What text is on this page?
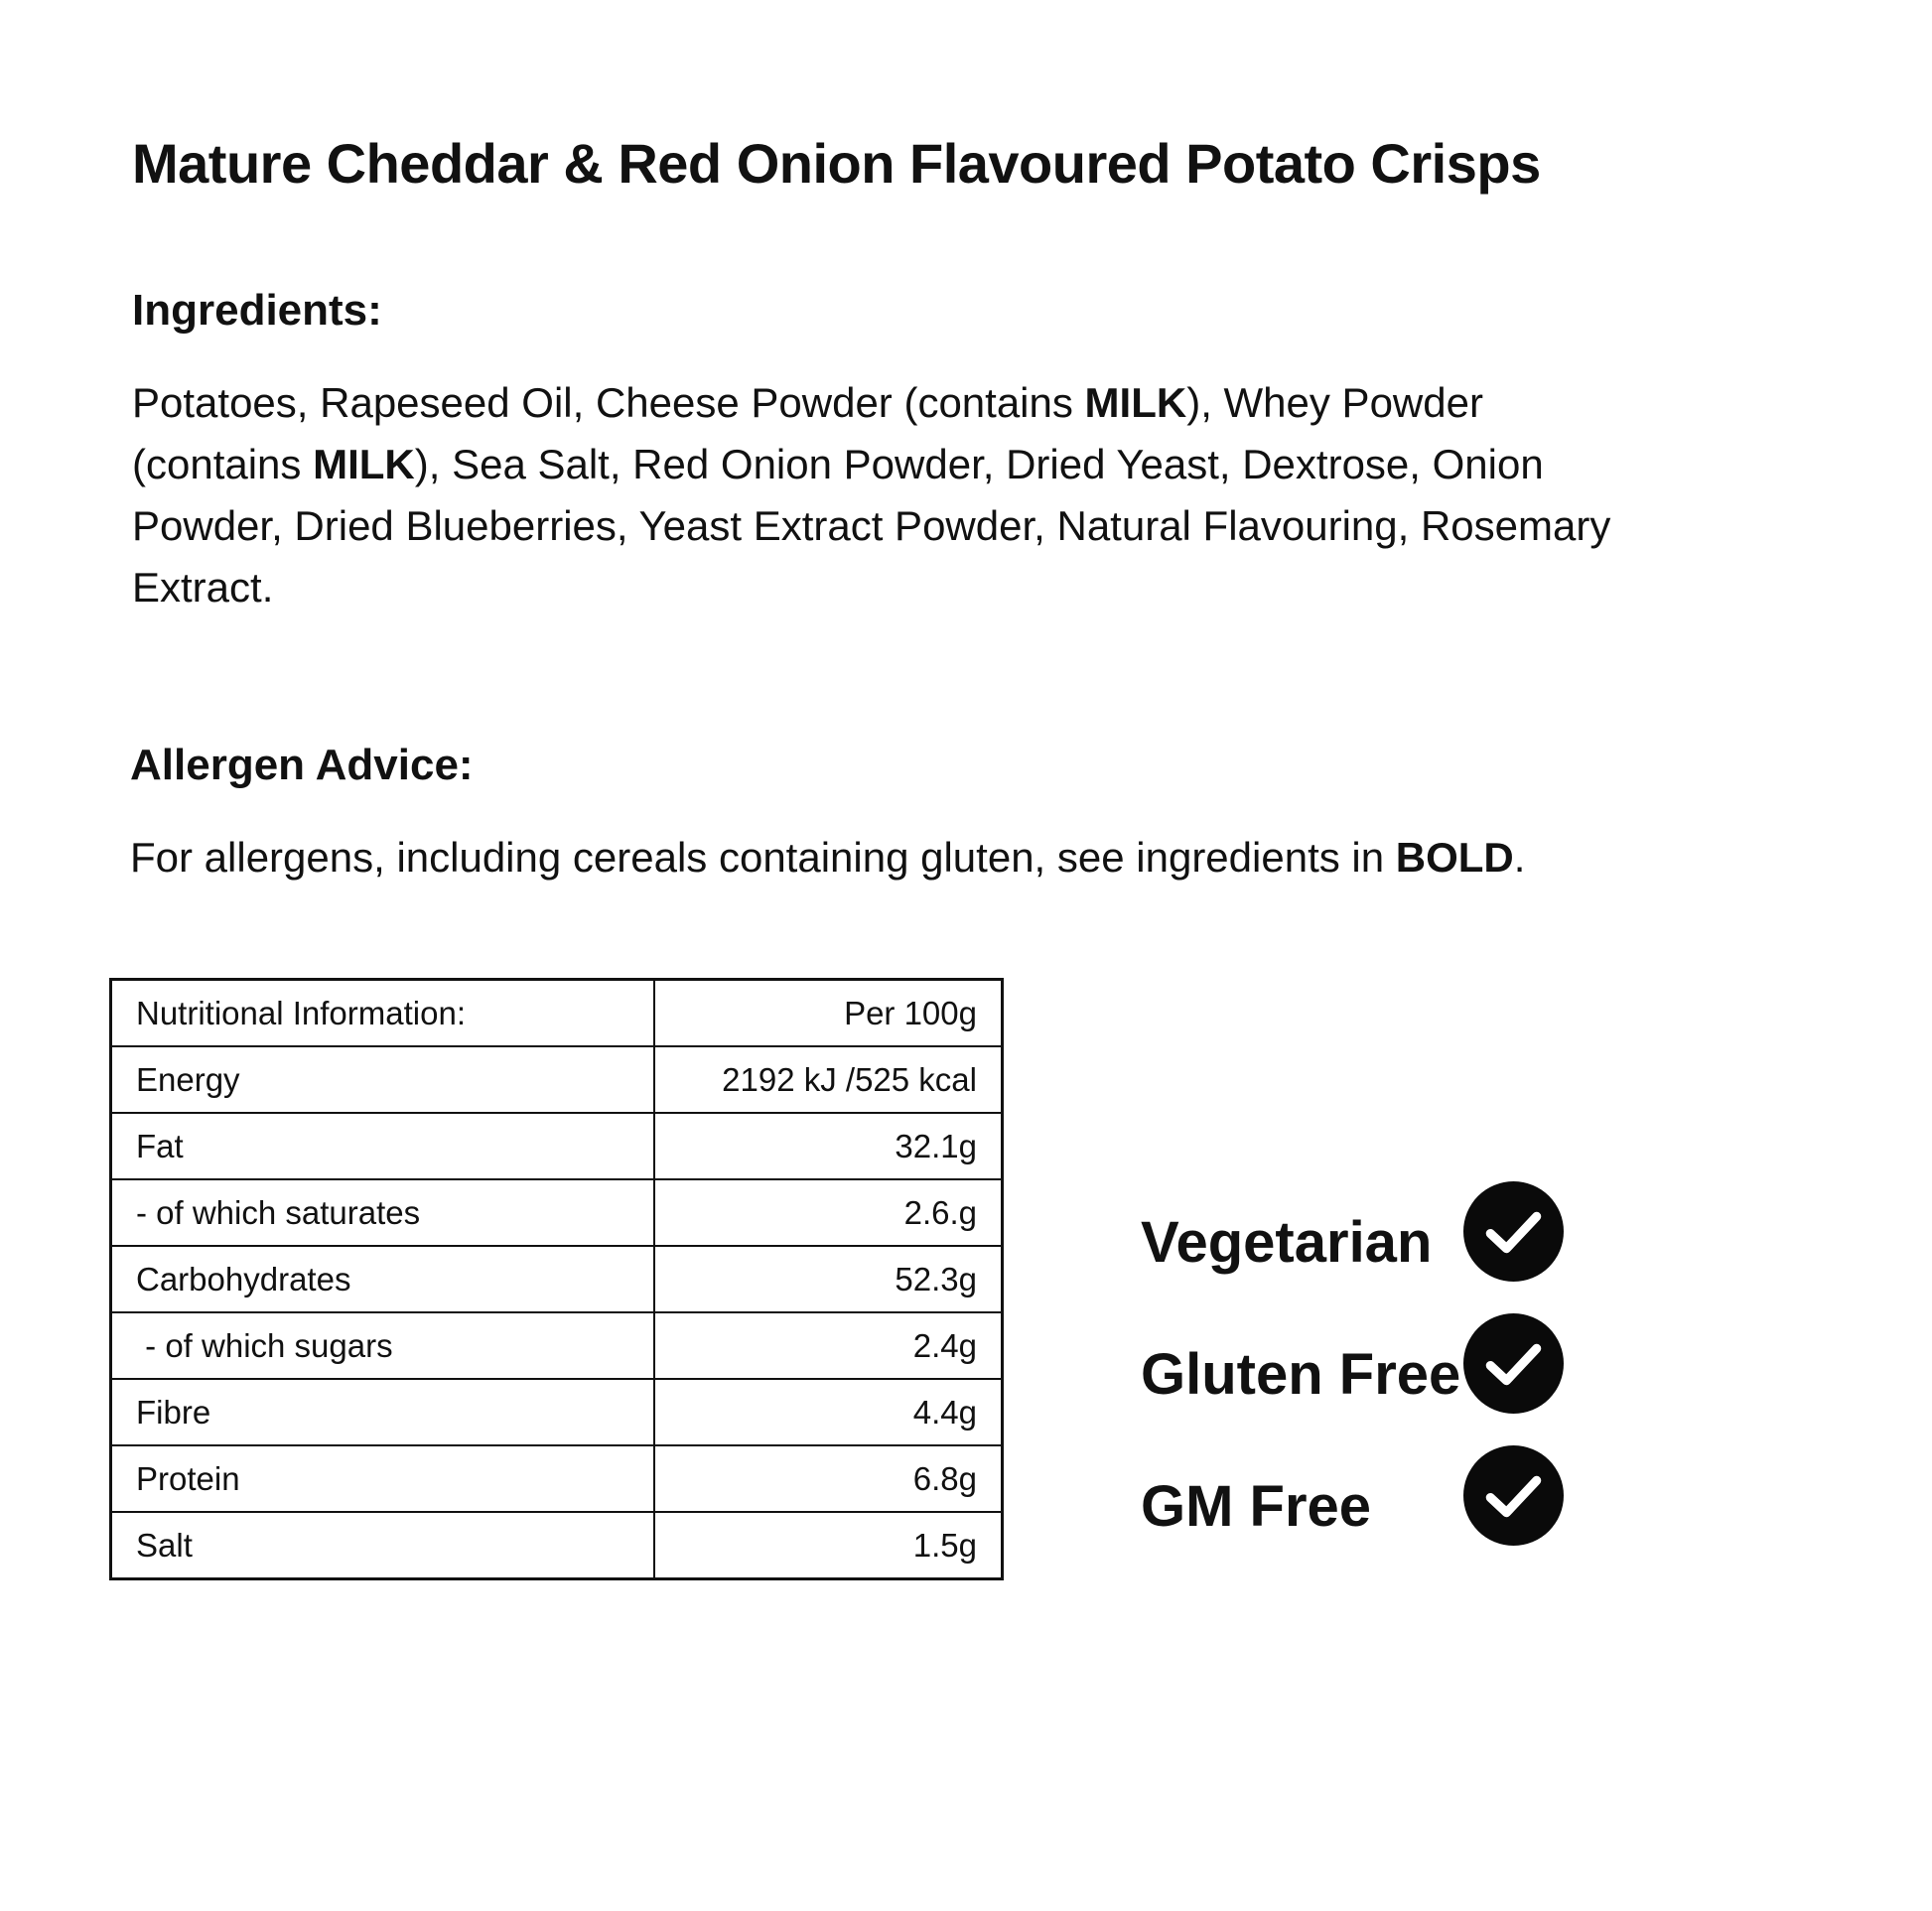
Mature Cheddar & Red Onion Flavoured Potato Crisps
Ingredients:
Potatoes, Rapeseed Oil, Cheese Powder (contains MILK), Whey Powder (contains MILK), Sea Salt, Red Onion Powder, Dried Yeast, Dextrose, Onion Powder, Dried Blueberries, Yeast Extract Powder, Natural Flavouring, Rosemary Extract.
Allergen Advice:
For allergens, including cereals containing gluten, see ingredients in BOLD.
Nutritional Information:	Per 100g
Energy	2192 kJ /525 kcal
Fat	32.1g
- of which saturates	2.6.g
Carbohydrates	52.3g
- of which sugars	2.4g
Fibre	4.4g
Protein	6.8g
Salt	1.5g
Vegetarian
Gluten Free
GM Free
